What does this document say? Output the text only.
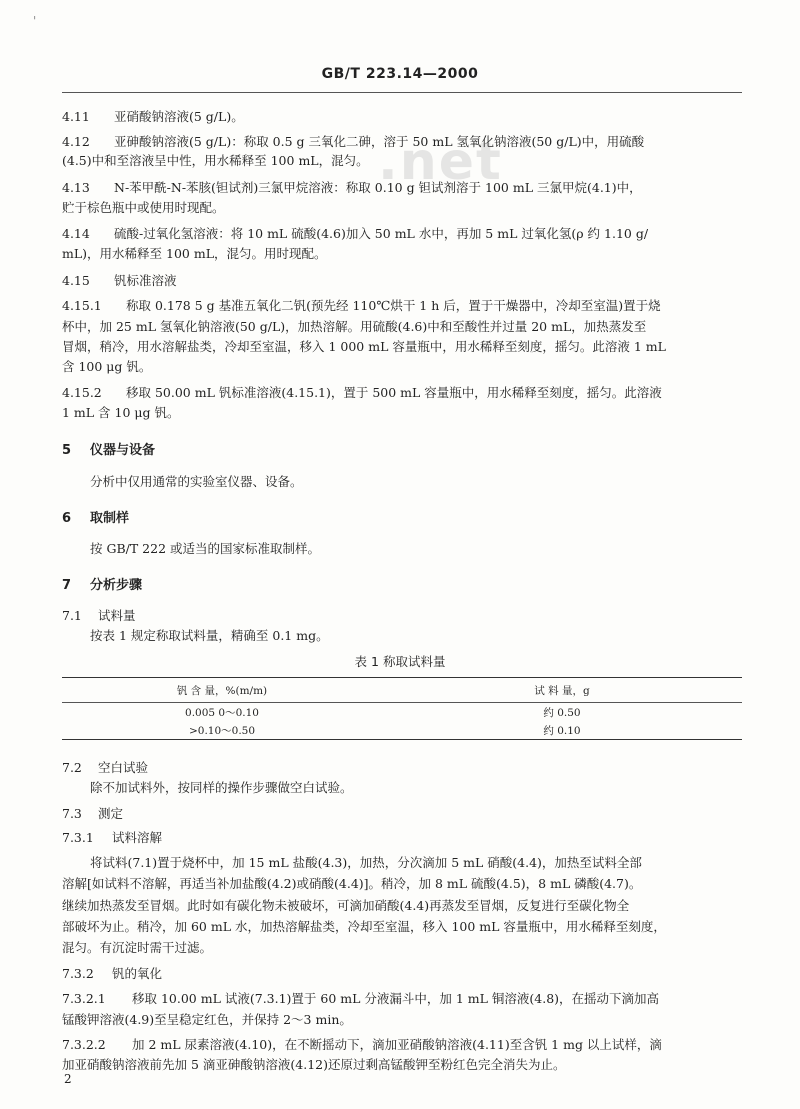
'
GB/T 223.14—2000
.net
4.11 亚硝酸钠溶液(5 g/L)。
4.12 亚砷酸钠溶液(5 g/L)：称取 0.5 g 三氧化二砷，溶于 50 mL 氢氧化钠溶液(50 g/L)中，用硫酸
(4.5)中和至溶液呈中性，用水稀释至 100 mL，混匀。
4.13 N-苯甲酰-N-苯胲(钽试剂)三氯甲烷溶液：称取 0.10 g 钽试剂溶于 100 mL 三氯甲烷(4.1)中，
贮于棕色瓶中或使用时现配。
4.14 硫酸-过氧化氢溶液：将 10 mL 硫酸(4.6)加入 50 mL 水中，再加 5 mL 过氧化氢(ρ 约 1.10 g/
mL)，用水稀释至 100 mL，混匀。用时现配。
4.15 钒标准溶液
4.15.1 称取 0.178 5 g 基准五氧化二钒(预先经 110℃烘干 1 h 后，置于干燥器中，冷却至室温)置于烧
杯中，加 25 mL 氢氧化钠溶液(50 g/L)，加热溶解。用硫酸(4.6)中和至酸性并过量 20 mL，加热蒸发至
冒烟，稍冷，用水溶解盐类，冷却至室温，移入 1 000 mL 容量瓶中，用水稀释至刻度，摇匀。此溶液 1 mL
含 100 μg 钒。
4.15.2 移取 50.00 mL 钒标准溶液(4.15.1)，置于 500 mL 容量瓶中，用水稀释至刻度，摇匀。此溶液
1 mL 含 10 μg 钒。
5 仪器与设备
分析中仅用通常的实验室仪器、设备。
6 取制样
按 GB/T 222 或适当的国家标准取制样。
7 分析步骤
7.1 试料量
按表 1 规定称取试料量，精确至 0.1 mg。
表 1 称取试料量
钒 含 量，%(m/m)	试 料 量，g
0.005 0～0.10	约 0.50
>0.10～0.50	约 0.10
7.2 空白试验
除不加试料外，按同样的操作步骤做空白试验。
7.3 测定
7.3.1 试料溶解
将试料(7.1)置于烧杯中，加 15 mL 盐酸(4.3)，加热，分次滴加 5 mL 硝酸(4.4)，加热至试料全部
溶解[如试料不溶解，再适当补加盐酸(4.2)或硝酸(4.4)]。稍冷，加 8 mL 硫酸(4.5)，8 mL 磷酸(4.7)。
继续加热蒸发至冒烟。此时如有碳化物未被破坏，可滴加硝酸(4.4)再蒸发至冒烟，反复进行至碳化物全
部破坏为止。稍冷，加 60 mL 水，加热溶解盐类，冷却至室温，移入 100 mL 容量瓶中，用水稀释至刻度，
混匀。有沉淀时需干过滤。
7.3.2 钒的氧化
7.3.2.1 移取 10.00 mL 试液(7.3.1)置于 60 mL 分液漏斗中，加 1 mL 铜溶液(4.8)，在摇动下滴加高
锰酸钾溶液(4.9)至呈稳定红色，并保持 2～3 min。
7.3.2.2 加 2 mL 尿素溶液(4.10)，在不断摇动下，滴加亚硝酸钠溶液(4.11)至含钒 1 mg 以上试样，滴
加亚硝酸钠溶液前先加 5 滴亚砷酸钠溶液(4.12)还原过剩高锰酸钾至粉红色完全消失为止。
2
